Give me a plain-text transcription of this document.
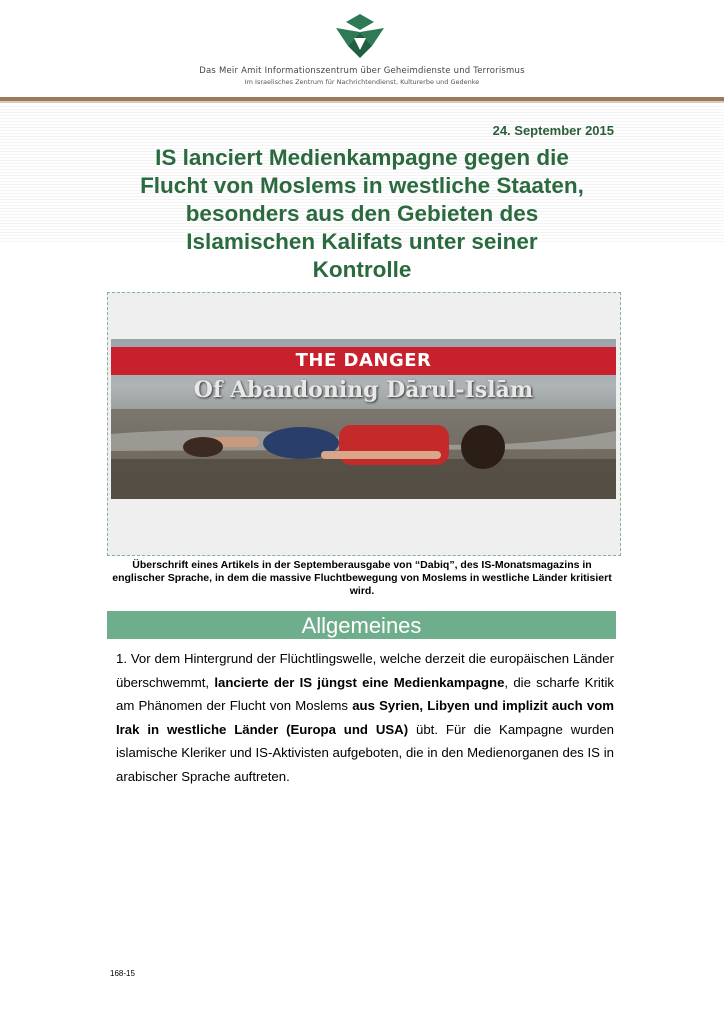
Das Meir Amit Informationszentrum über Geheimdienste und Terrorismus
Im Israelisches Zentrum für Nachrichtendienst, Kulturerbe und Gedenke
24. September 2015
IS lanciert Medienkampagne gegen die
Flucht von Moslems in westliche Staaten,
besonders aus den Gebieten des
Islamischen Kalifats unter seiner
Kontrolle
THE DANGER
Of Abandoning Dārul-Islām
Überschrift eines Artikels in der Septemberausgabe von “Dabiq”, des IS-Monatsmagazins in englischer Sprache, in dem die massive Fluchtbewegung von Moslems in westliche Länder kritisiert wird.
Allgemeines

1. Vor dem Hintergrund der Flüchtlingswelle, welche derzeit die europäischen Länder überschwemmt, lancierte der IS jüngst eine Medienkampagne, die scharfe Kritik am Phänomen der Flucht von Moslems aus Syrien, Libyen und implizit auch vom Irak in westliche Länder (Europa und USA) übt. Für die Kampagne wurden islamische Kleriker und IS-Aktivisten aufgeboten, die in den Medienorganen des IS in arabischer Sprache auftreten.

168-15
